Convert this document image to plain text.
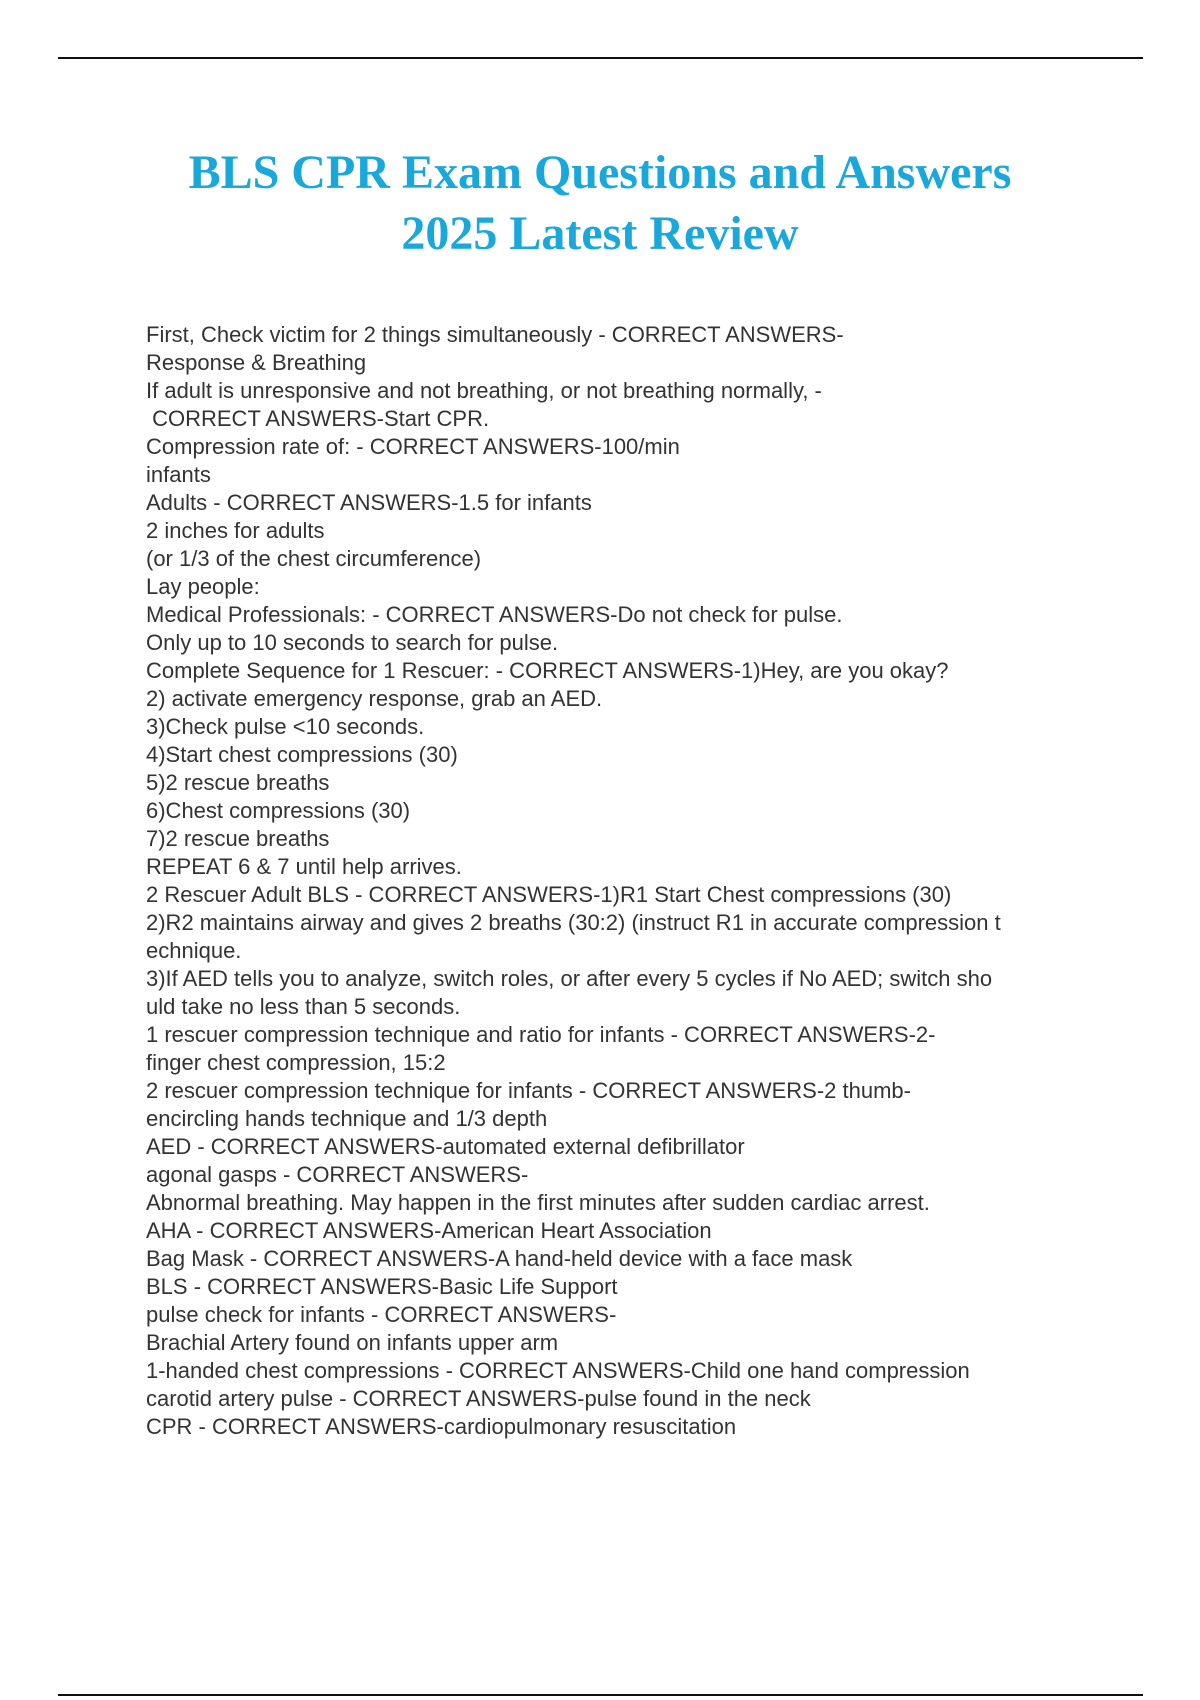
BLS CPR Exam Questions and Answers
2025 Latest Review
First, Check victim for 2 things simultaneously - CORRECT ANSWERS-
Response & Breathing
If adult is unresponsive and not breathing, or not breathing normally, -
CORRECT ANSWERS-Start CPR.
Compression rate of: - CORRECT ANSWERS-100/min
infants
Adults - CORRECT ANSWERS-1.5 for infants
2 inches for adults
(or 1/3 of the chest circumference)
Lay people:
Medical Professionals: - CORRECT ANSWERS-Do not check for pulse.
Only up to 10 seconds to search for pulse.
Complete Sequence for 1 Rescuer: - CORRECT ANSWERS-1)Hey, are you okay?
2) activate emergency response, grab an AED.
3)Check pulse <10 seconds.
4)Start chest compressions (30)
5)2 rescue breaths
6)Chest compressions (30)
7)2 rescue breaths
REPEAT 6 & 7 until help arrives.
2 Rescuer Adult BLS - CORRECT ANSWERS-1)R1 Start Chest compressions (30)
2)R2 maintains airway and gives 2 breaths (30:2) (instruct R1 in accurate compression t
echnique.
3)If AED tells you to analyze, switch roles, or after every 5 cycles if No AED; switch sho
uld take no less than 5 seconds.
1 rescuer compression technique and ratio for infants - CORRECT ANSWERS-2-
finger chest compression, 15:2
2 rescuer compression technique for infants - CORRECT ANSWERS-2 thumb-
encircling hands technique and 1/3 depth
AED - CORRECT ANSWERS-automated external defibrillator
agonal gasps - CORRECT ANSWERS-
Abnormal breathing. May happen in the first minutes after sudden cardiac arrest.
AHA - CORRECT ANSWERS-American Heart Association
Bag Mask - CORRECT ANSWERS-A hand-held device with a face mask
BLS - CORRECT ANSWERS-Basic Life Support
pulse check for infants - CORRECT ANSWERS-
Brachial Artery found on infants upper arm
1-handed chest compressions - CORRECT ANSWERS-Child one hand compression
carotid artery pulse - CORRECT ANSWERS-pulse found in the neck
CPR - CORRECT ANSWERS-cardiopulmonary resuscitation
